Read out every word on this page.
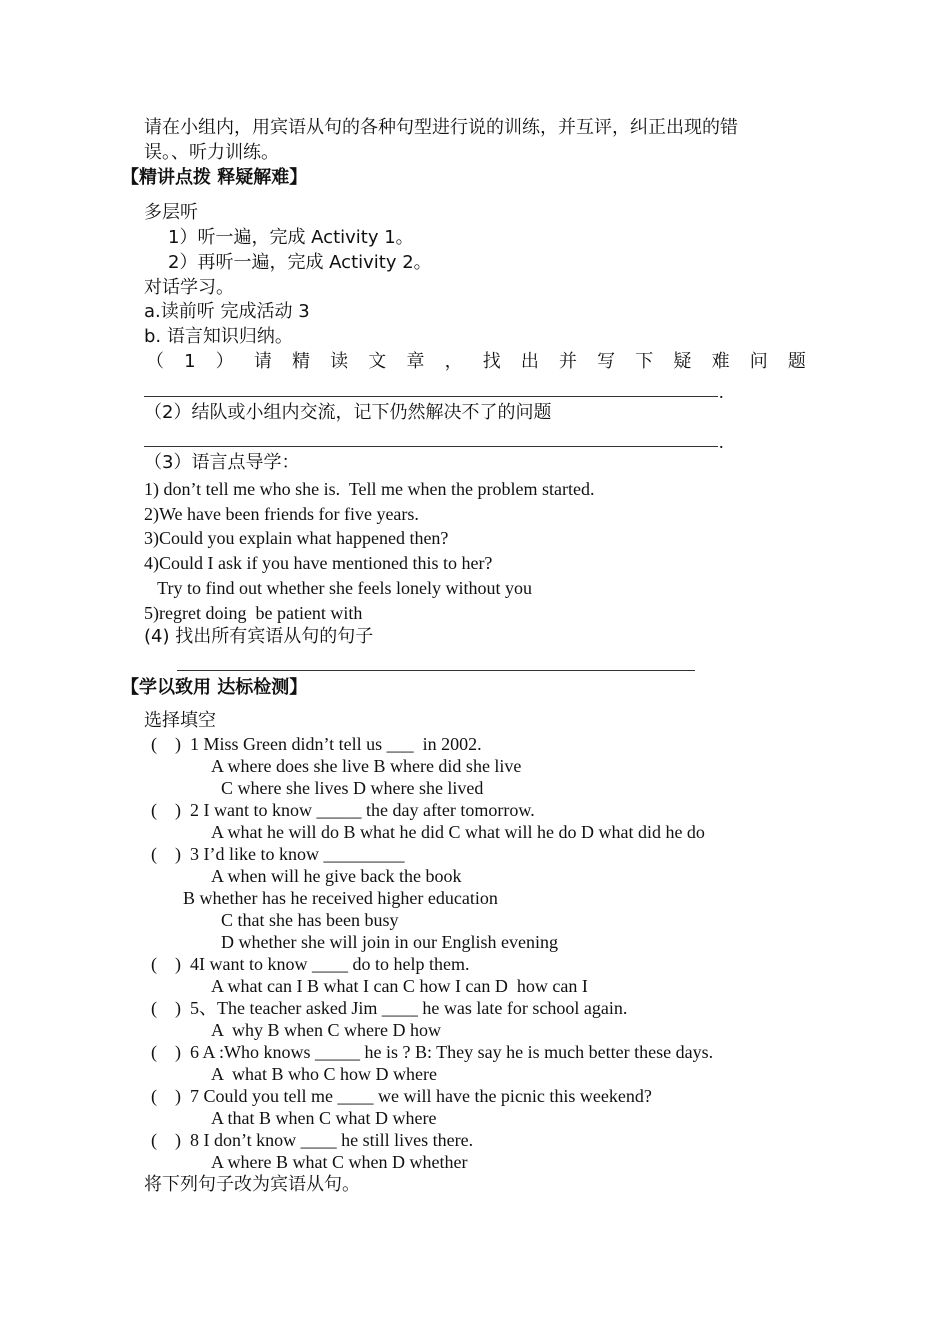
请在小组内，用宾语从句的各种句型进行说的训练，并互评，纠正出现的错
误。、听力训练。
【精讲点拨 释疑解难】
多层听
1）听一遍，完成 Activity 1。
2）再听一遍，完成 Activity 2。
对话学习。
a.读前听 完成活动 3
b. 语言知识归纳。
（ 1 ） 请 精 读 文 章 ， 找 出 并 写 下 疑 难 问 题
.
（2）结队或小组内交流，记下仍然解决不了的问题
.
（3）语言点导学：
1) don’t tell me who she is.  Tell me when the problem started.
2)We have been friends for five years.
3)Could you explain what happened then?
4)Could I ask if you have mentioned this to her?
Try to find out whether she feels lonely without you
5)regret doing  be patient with
(4) 找出所有宾语从句的句子
【学以致用 达标检测】
选择填空
(    )  1 Miss Green didn’t tell us ___  in 2002.
A where does she live B where did she live
C where she lives D where she lived
(    )  2 I want to know _____ the day after tomorrow.
A what he will do B what he did C what will he do D what did he do
(    )  3 I’d like to know _________
A when will he give back the book
B whether has he received higher education
C that she has been busy
D whether she will join in our English evening
(    )  4I want to know ____ do to help them.
A what can I B what I can C how I can D  how can I
(    )  5、The teacher asked Jim ____ he was late for school again.
A  why B when C where D how
(    )  6 A :Who knows _____ he is ? B: They say he is much better these days.
A  what B who C how D where
(    )  7 Could you tell me ____ we will have the picnic this weekend?
A that B when C what D where
(    )  8 I don’t know ____ he still lives there.
A where B what C when D whether
将下列句子改为宾语从句。
